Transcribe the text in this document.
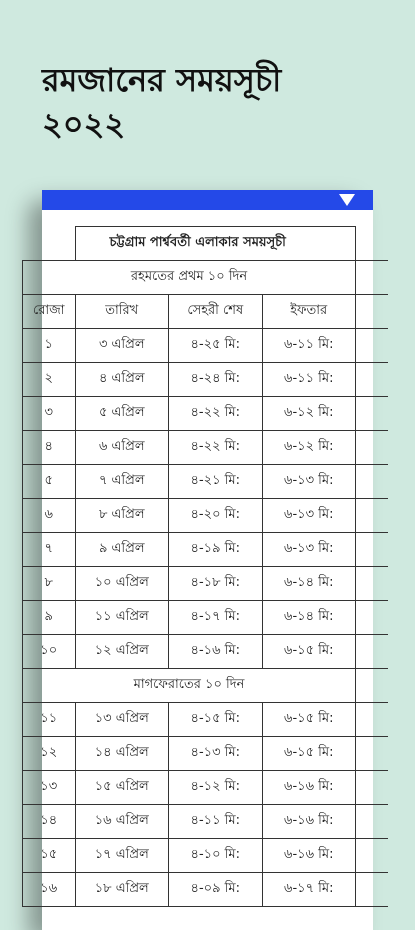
রমজানের সময়সূচী
২০২২
	চট্টগ্রাম পার্শ্ববর্তী এলাকার সময়সূচী			
রহমতের প্রথম ১০ দিন				
রোজা	তারিখ	সেহরী শেষ	ইফতার	
১	৩ এপ্রিল	৪-২৫ মি:	৬-১১ মি:	
২	৪ এপ্রিল	৪-২৪ মি:	৬-১১ মি:	
৩	৫ এপ্রিল	৪-২২ মি:	৬-১২ মি:	
৪	৬ এপ্রিল	৪-২২ মি:	৬-১২ মি:	
৫	৭ এপ্রিল	৪-২১ মি:	৬-১৩ মি:	
৬	৮ এপ্রিল	৪-২০ মি:	৬-১৩ মি:	
৭	৯ এপ্রিল	৪-১৯ মি:	৬-১৩ মি:	
৮	১০ এপ্রিল	৪-১৮ মি:	৬-১৪ মি:	
৯	১১ এপ্রিল	৪-১৭ মি:	৬-১৪ মি:	
১০	১২ এপ্রিল	৪-১৬ মি:	৬-১৫ মি:	
মাগফেরাতের ১০ দিন				
১১	১৩ এপ্রিল	৪-১৫ মি:	৬-১৫ মি:	
১২	১৪ এপ্রিল	৪-১৩ মি:	৬-১৫ মি:	
১৩	১৫ এপ্রিল	৪-১২ মি:	৬-১৬ মি:	
১৪	১৬ এপ্রিল	৪-১১ মি:	৬-১৬ মি:	
১৫	১৭ এপ্রিল	৪-১০ মি:	৬-১৬ মি:	
১৬	১৮ এপ্রিল	৪-০৯ মি:	৬-১৭ মি:	
